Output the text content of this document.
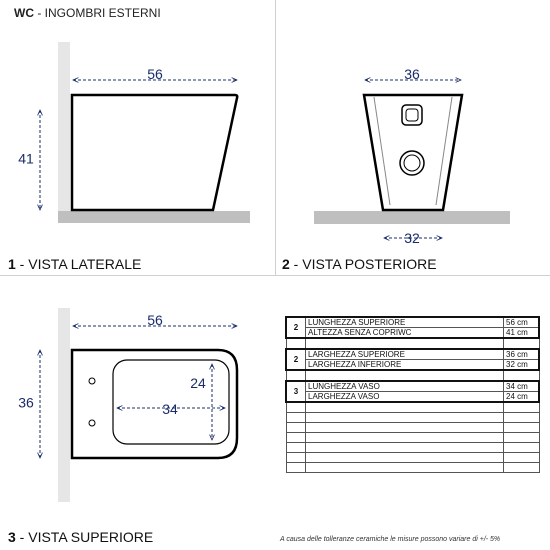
WC - INGOMBRI ESTERNI
56
41
36
32
56
36	34
24
1 - VISTA LATERALE	2 - VISTA POSTERIORE
3 - VISTA SUPERIORE
2	LUNGHEZZA SUPERIORE	56 cm
	ALTEZZA SENZA COPRIWC	41 cm

2	LARGHEZZA SUPERIORE	36 cm
	LARGHEZZA INFERIORE	32 cm

3	LUNGHEZZA VASO	34 cm
	LARGHEZZA VASO	24 cm

A causa delle tolleranze ceramiche le misure possono variare di +/- 5%
